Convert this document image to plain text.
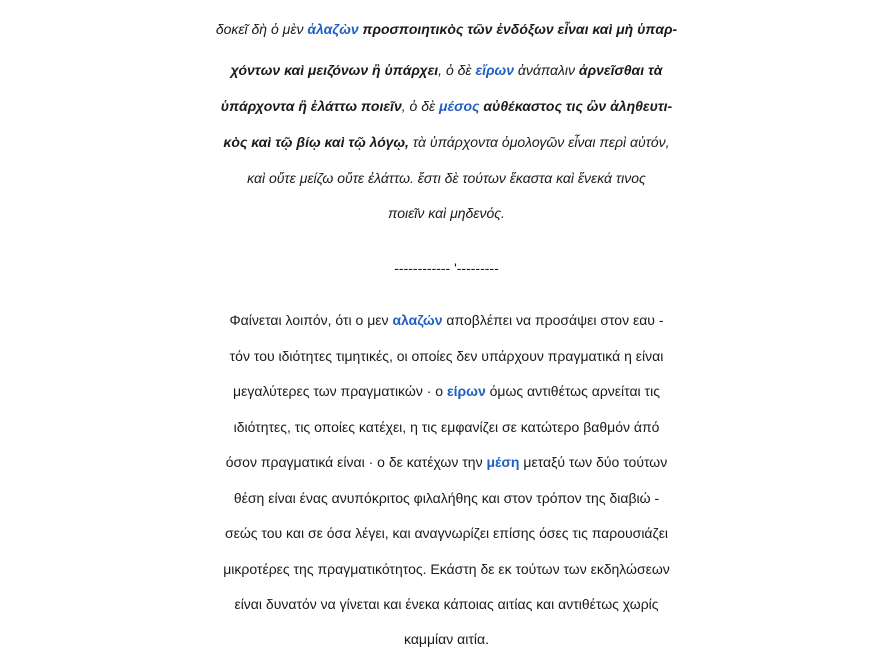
δοκεῖ δὴ ὁ μὲν ἀλαζὼν προσποιητικὸς τῶν ἐνδόξων εἶναι καὶ μὴ ὑπαρ-
χόντων καὶ μειζόνων ἢ ὑπάρχει, ὁ δὲ εἴρων ἀνάπαλιν ἀρνεῖσθαι τὰ
ὑπάρχοντα ἢ ἐλάττω ποιεῖν, ὁ δὲ μέσος αὐθέκαστος τις ὢν ἀληθευτι-
κὸς καὶ τῷ βίῳ καὶ τῷ λόγῳ, τὰ ὑπάρχοντα ὁμολογῶν εἶναι περὶ αὑτόν,
καὶ οὔτε μείζω οὔτε ἐλάττω. ἔστι δὲ τούτων ἕκαστα καὶ ἕνεκά τινος
ποιεῖν καὶ μηδενός.
------------ '---------
Φαίνεται λοιπόν, ότι ο μεν αλαζών αποβλέπει να προσάψει στον εαυ -
τόν του ιδιότητες τιμητικές, οι οποίες δεν υπάρχουν πραγματικά η είναι
μεγαλύτερες των πραγματικών · ο είρων όμως αντιθέτως αρνείται τις
ιδιότητες, τις οποίες κατέχει, η τις εμφανίζει σε κατώτερο βαθμόν άπό
όσον πραγματικά είναι · ο δε κατέχων την μέση μεταξύ των δύο τούτων
θέση είναι ένας ανυπόκριτος φιλαλήθης και στον τρόπον της διαβιώ -
σεώς του και σε όσα λέγει, και αναγνωρίζει επίσης όσες τις παρουσιάζει
μικροτέρες της πραγματικότητος. Εκάστη δε εκ τούτων των εκδηλώσεων
είναι δυνατόν να γίνεται και ένεκα κάποιας αιτίας και αντιθέτως χωρίς
καμμίαν αιτία.
